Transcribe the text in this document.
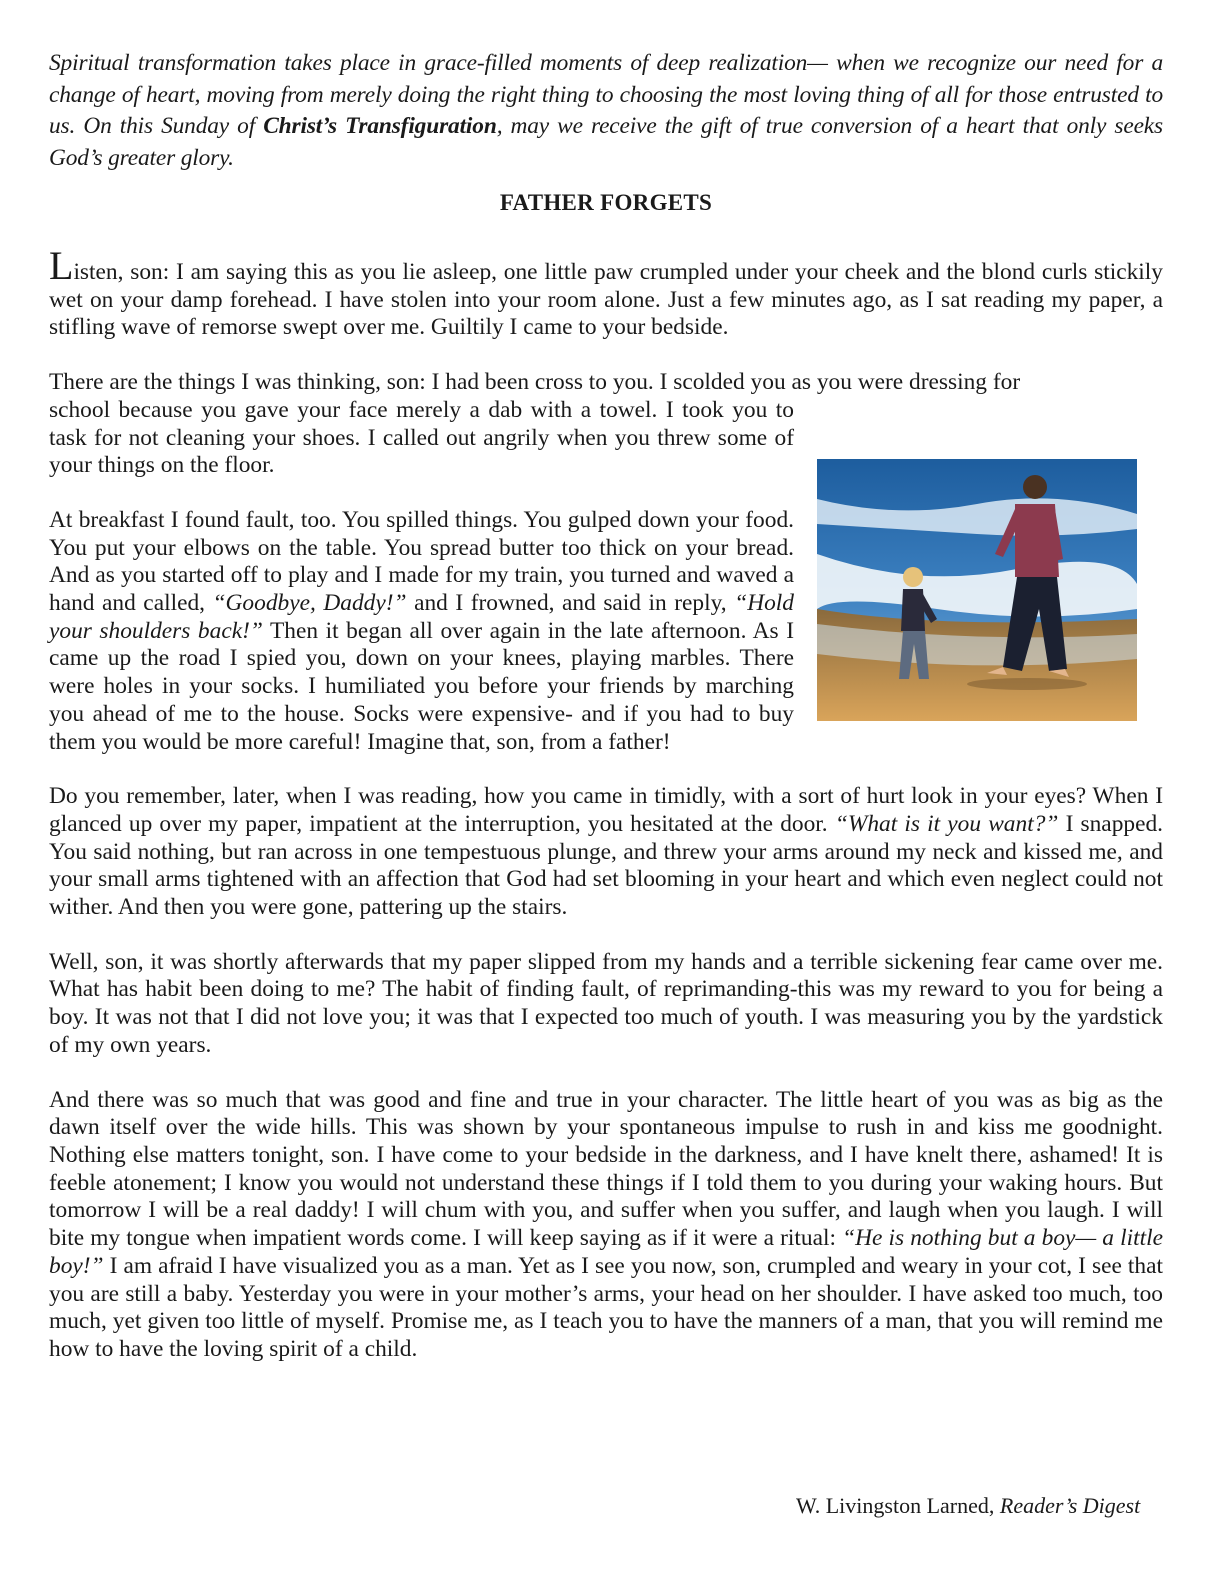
Spiritual transformation takes place in grace-filled moments of deep realization— when we recognize our need for a change of heart, moving from merely doing the right thing to choosing the most loving thing of all for those entrusted to us. On this Sunday of Christ’s Transfiguration, may we receive the gift of true conversion of a heart that only seeks God’s greater glory.

FATHER FORGETS

Listen, son: I am saying this as you lie asleep, one little paw crumpled under your cheek and the blond curls stickily wet on your damp forehead. I have stolen into your room alone. Just a few minutes ago, as I sat reading my paper, a stifling wave of remorse swept over me. Guiltily I came to your bedside.

There are the things I was thinking, son: I had been cross to you. I scolded you as you were dressing for

school because you gave your face merely a dab with a towel. I took you to task for not cleaning your shoes. I called out angrily when you threw some of your things on the floor.

At breakfast I found fault, too. You spilled things. You gulped down your food. You put your elbows on the table. You spread butter too thick on your bread. And as you started off to play and I made for my train, you turned and waved a hand and called, “Goodbye, Daddy!” and I frowned, and said in reply, “Hold your shoulders back!” Then it began all over again in the late afternoon. As I came up the road I spied you, down on your knees, playing marbles. There were holes in your socks. I humiliated you before your friends by marching you ahead of me to the house. Socks were expensive- and if you had to buy them you would be more careful! Imagine that, son, from a father!

Do you remember, later, when I was reading, how you came in timidly, with a sort of hurt look in your eyes? When I glanced up over my paper, impatient at the interruption, you hesitated at the door. “What is it you want?” I snapped. You said nothing, but ran across in one tempestuous plunge, and threw your arms around my neck and kissed me, and your small arms tightened with an affection that God had set blooming in your heart and which even neglect could not wither. And then you were gone, pattering up the stairs.

Well, son, it was shortly afterwards that my paper slipped from my hands and a terrible sickening fear came over me. What has habit been doing to me? The habit of finding fault, of reprimanding-this was my reward to you for being a boy. It was not that I did not love you; it was that I expected too much of youth. I was measuring you by the yardstick of my own years.

And there was so much that was good and fine and true in your character. The little heart of you was as big as the dawn itself over the wide hills. This was shown by your spontaneous impulse to rush in and kiss me goodnight. Nothing else matters tonight, son. I have come to your bedside in the darkness, and I have knelt there, ashamed! It is feeble atonement; I know you would not understand these things if I told them to you during your waking hours. But tomorrow I will be a real daddy! I will chum with you, and suffer when you suffer, and laugh when you laugh. I will bite my tongue when impatient words come. I will keep saying as if it were a ritual: “He is nothing but a boy— a little boy!” I am afraid I have visualized you as a man. Yet as I see you now, son, crumpled and weary in your cot, I see that you are still a baby. Yesterday you were in your mother’s arms, your head on her shoulder. I have asked too much, too much, yet given too little of myself. Promise me, as I teach you to have the manners of a man, that you will remind me how to have the loving spirit of a child.

W. Livingston Larned, Reader’s Digest
